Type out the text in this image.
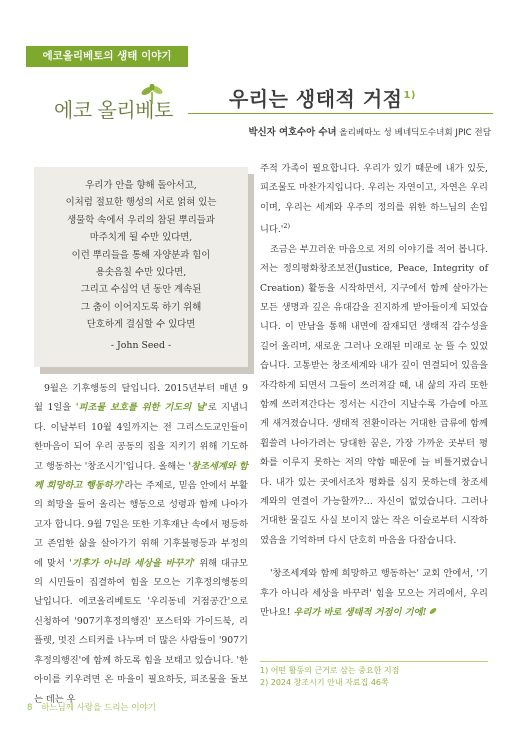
에코올리베토의 생태 이야기
에코 올리베토	우리는 생태적 거점$^{1)}$
박신자 여호수아 수녀 올리베따노 성 베네딕도수녀회 JPIC 전담
우리가 안을 향해 돌아서고,
이처럼 절묘한 행성의 서로 얽혀 있는
생물학 속에서 우리의 참된 뿌리들과
마주치게 될 수만 있다면,
이런 뿌리들을 통해 자양분과 힘이
용솟음칠 수만 있다면,
그리고 수십억 년 동안 계속된
그 춤이 이어지도록 하기 위해
단호하게 결심할 수 있다면
- John Seed -

9월은 기후행동의 달입니다. 2015년부터 매년 9월 1일을 '피조물 보호를 위한 기도의 날'로 지냅니다. 이날부터 10월 4일까지는 전 그리스도교인들이 한마음이 되어 우리 공동의 집을 지키기 위해 기도하고 행동하는 '창조시기'입니다. 올해는 '창조세계와 함께 희망하고 행동하기'라는 주제로, 믿음 안에서 부활의 희망을 들어 올리는 행동으로 성령과 함께 나아가고자 합니다. 9월 7일은 또한 기후재난 속에서 평등하고 존엄한 삶을 살아가기 위해 기후불평등과 부정의에 맞서 '기후가 아니라 세상을 바꾸기' 위해 대규모의 시민들이 집결하여 힘을 모으는 기후정의행동의 날입니다. 에코올리베토도 '우리동네 거점공간'으로 신청하여 '907기후정의행진' 포스터와 가이드북, 리플렛, 멋진 스티커를 나누며 더 많은 사람들이 '907기후정의행진'에 함께 하도록 힘을 보태고 있습니다. '한 아이를 키우려면 온 마을이 필요하듯, 피조물을 돌보는 데는 우

주적 가족이 필요합니다. 우리가 있기 때문에 내가 있듯, 피조물도 마찬가지입니다. 우리는 자연이고, 자연은 우리이며, 우리는 세계와 우주의 정의를 위한 하느님의 손입니다$.'^{2)}$

조금은 부끄러운 마음으로 저의 이야기를 적어 봅니다. 저는 정의평화창조보전(Justice, Peace, Integrity of Creation) 활동을 시작하면서, 지구에서 함께 살아가는 모든 생명과 깊은 유대감을 진지하게 받아들이게 되었습니다. 이 만남을 통해 내면에 잠재되던 생태적 감수성을 길어 올리며, 새로운 그러나 오래된 미래로 눈 뜰 수 있었습니다. 고통받는 창조세계와 내가 깊이 연결되어 있음을 자각하게 되면서 그들이 쓰러져갈 때, 내 삶의 자리 또한 함께 쓰러져간다는 정서는 시간이 지날수록 가슴에 아프게 새겨졌습니다. 생태적 전환이라는 거대한 급류에 함께 휩쓸려 나아가려는 당대한 꿈은, 가장 가까운 곳부터 평화를 이루지 못하는 저의 약함 때문에 늘 비틀거렸습니다. 내가 있는 곳에서조차 평화를 심지 못하는데 창조세계와의 연결이 가능할까?… 자신이 없었습니다. 그러나 거대한 물길도 사실 보이지 않는 작은 이슬로부터 시작하였음을 기억하며 다시 단호히 마음을 다잡습니다.

'창조세계와 함께 희망하고 행동하는' 교회 안에서, '기후가 아니라 세상을 바꾸려' 힘을 모으는 거리에서, 우리 만나요! 우리가 바로 생태적 거점이 기에!

1) 어떤 활동의 근거로 삼는 중요한 지점
2) 2024 창조시기 안내 자료집 46쪽
8 하느님께 사랑을 드리는 이야기
